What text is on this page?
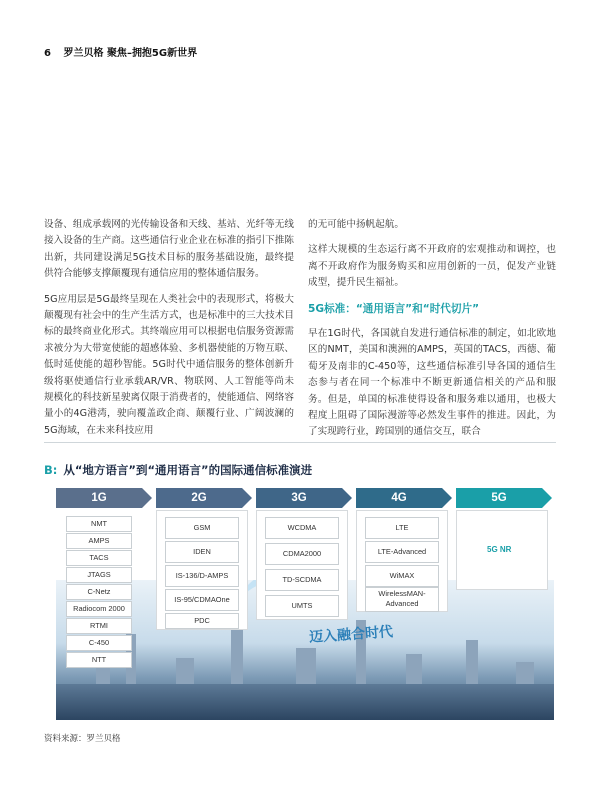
6 罗兰贝格 聚焦–拥抱5G新世界

设备、组成承载网的光传输设备和天线、基站、光纤等无线接入设备的生产商。这些通信行业企业在标准的指引下推陈出新，共同建设满足5G技术目标的服务基础设施，最终提供符合能够支撑颠覆现有通信应用的整体通信服务。

5G应用层是5G最终呈现在人类社会中的表现形式，将极大颠覆现有社会中的生产生活方式，也是标准中的三大技术目标的最终商业化形式。其终端应用可以根据电信服务资源需求被分为大带宽使能的超感体验、多机器使能的万物互联、低时延使能的超秒智能。5G时代中通信服务的整体创新升级将驱使通信行业承载AR/VR、物联网、人工智能等尚未规模化的科技新星驶离仅限于消费者的，使能通信、网络容量小的4G港湾，驶向覆盖政企商、颠覆行业、广阔波澜的5G海域，在未来科技应用

的无可能中扬帆起航。

这样大规模的生态运行离不开政府的宏观推动和调控，也离不开政府作为服务购买和应用创新的一员，促发产业链成型，提升民生福祉。

5G标准：“通用语言”和“时代切片”

早在1G时代，各国就自发进行通信标准的制定，如北欧地区的NMT，美国和澳洲的AMPS，英国的TACS，西德、葡萄牙及南非的C-450等，这些通信标准引导各国的通信生态参与者在同一个标准中不断更新通信相关的产品和服务。但是，单国的标准使得设备和服务难以通用，也极大程度上阻碍了国际漫游等必然发生事件的推进。因此，为了实现跨行业，跨国别的通信交互，联合

B: 从“地方语言”到“通用语言”的国际通信标准演进
迈入融合时代
1G	2G	3G	4G	5G
NMT
AMPS
TACS
JTAGS
C-Netz
Radiocom 2000
RTMI
C-450
NTT
GSM
IDEN
IS-136/D-AMPS
IS-95/CDMAOne
PDC
WCDMA
CDMA2000
TD-SCDMA
UMTS
LTE
LTE-Advanced
WiMAX
WirelessMAN-Advanced
5G NR
资料来源：罗兰贝格
